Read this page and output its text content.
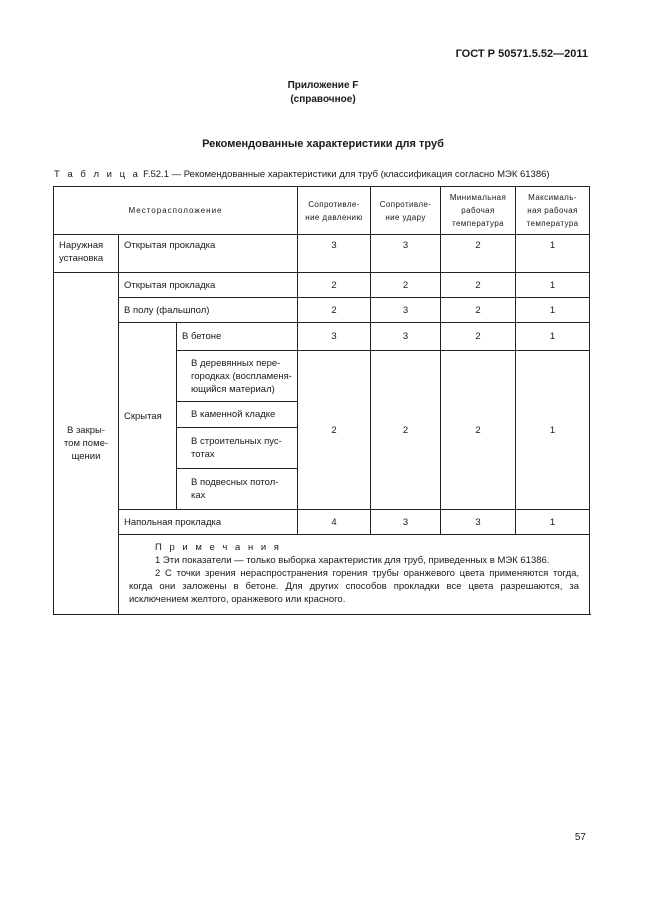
ГОСТ Р 50571.5.52—2011
Приложение F
(справочное)
Рекомендованные характеристики для труб
Т а б л и ц а F.52.1 — Рекомендованные характеристики для труб (классификация согласно МЭК 61386)
Месторасположение			Сопротивле-ние давлению	Сопротивле-ние удару	Минимальная рабочая температура	Максималь-ная рабочая температура
Наружная установка	Открытая прокладка		3	3	2	1
В закры-том поме-щении	Открытая прокладка		2	2	2	1
	В полу (фальшпол)		2	3	2	1
	Скрытая	В бетоне	3	3	2	1
		В деревянных пере-городках (воспламеня-ющийся материал)	2	2	2	1
		В каменной кладке				
		В строительных пус-тотах				
		В подвесных потол-ках				
	Напольная прокладка		4	3	3	1

	П р и м е ч а н и я
1 Эти показатели — только выборка характеристик для труб, приведенных в МЭК 61386.
2 С точки зрения нераспространения горения трубы оранжевого цвета применяются тогда, когда они заложены в бетоне. Для других способов прокладки все цвета разрешаются, за исключением желтого, оранжевого или красного.					
57
